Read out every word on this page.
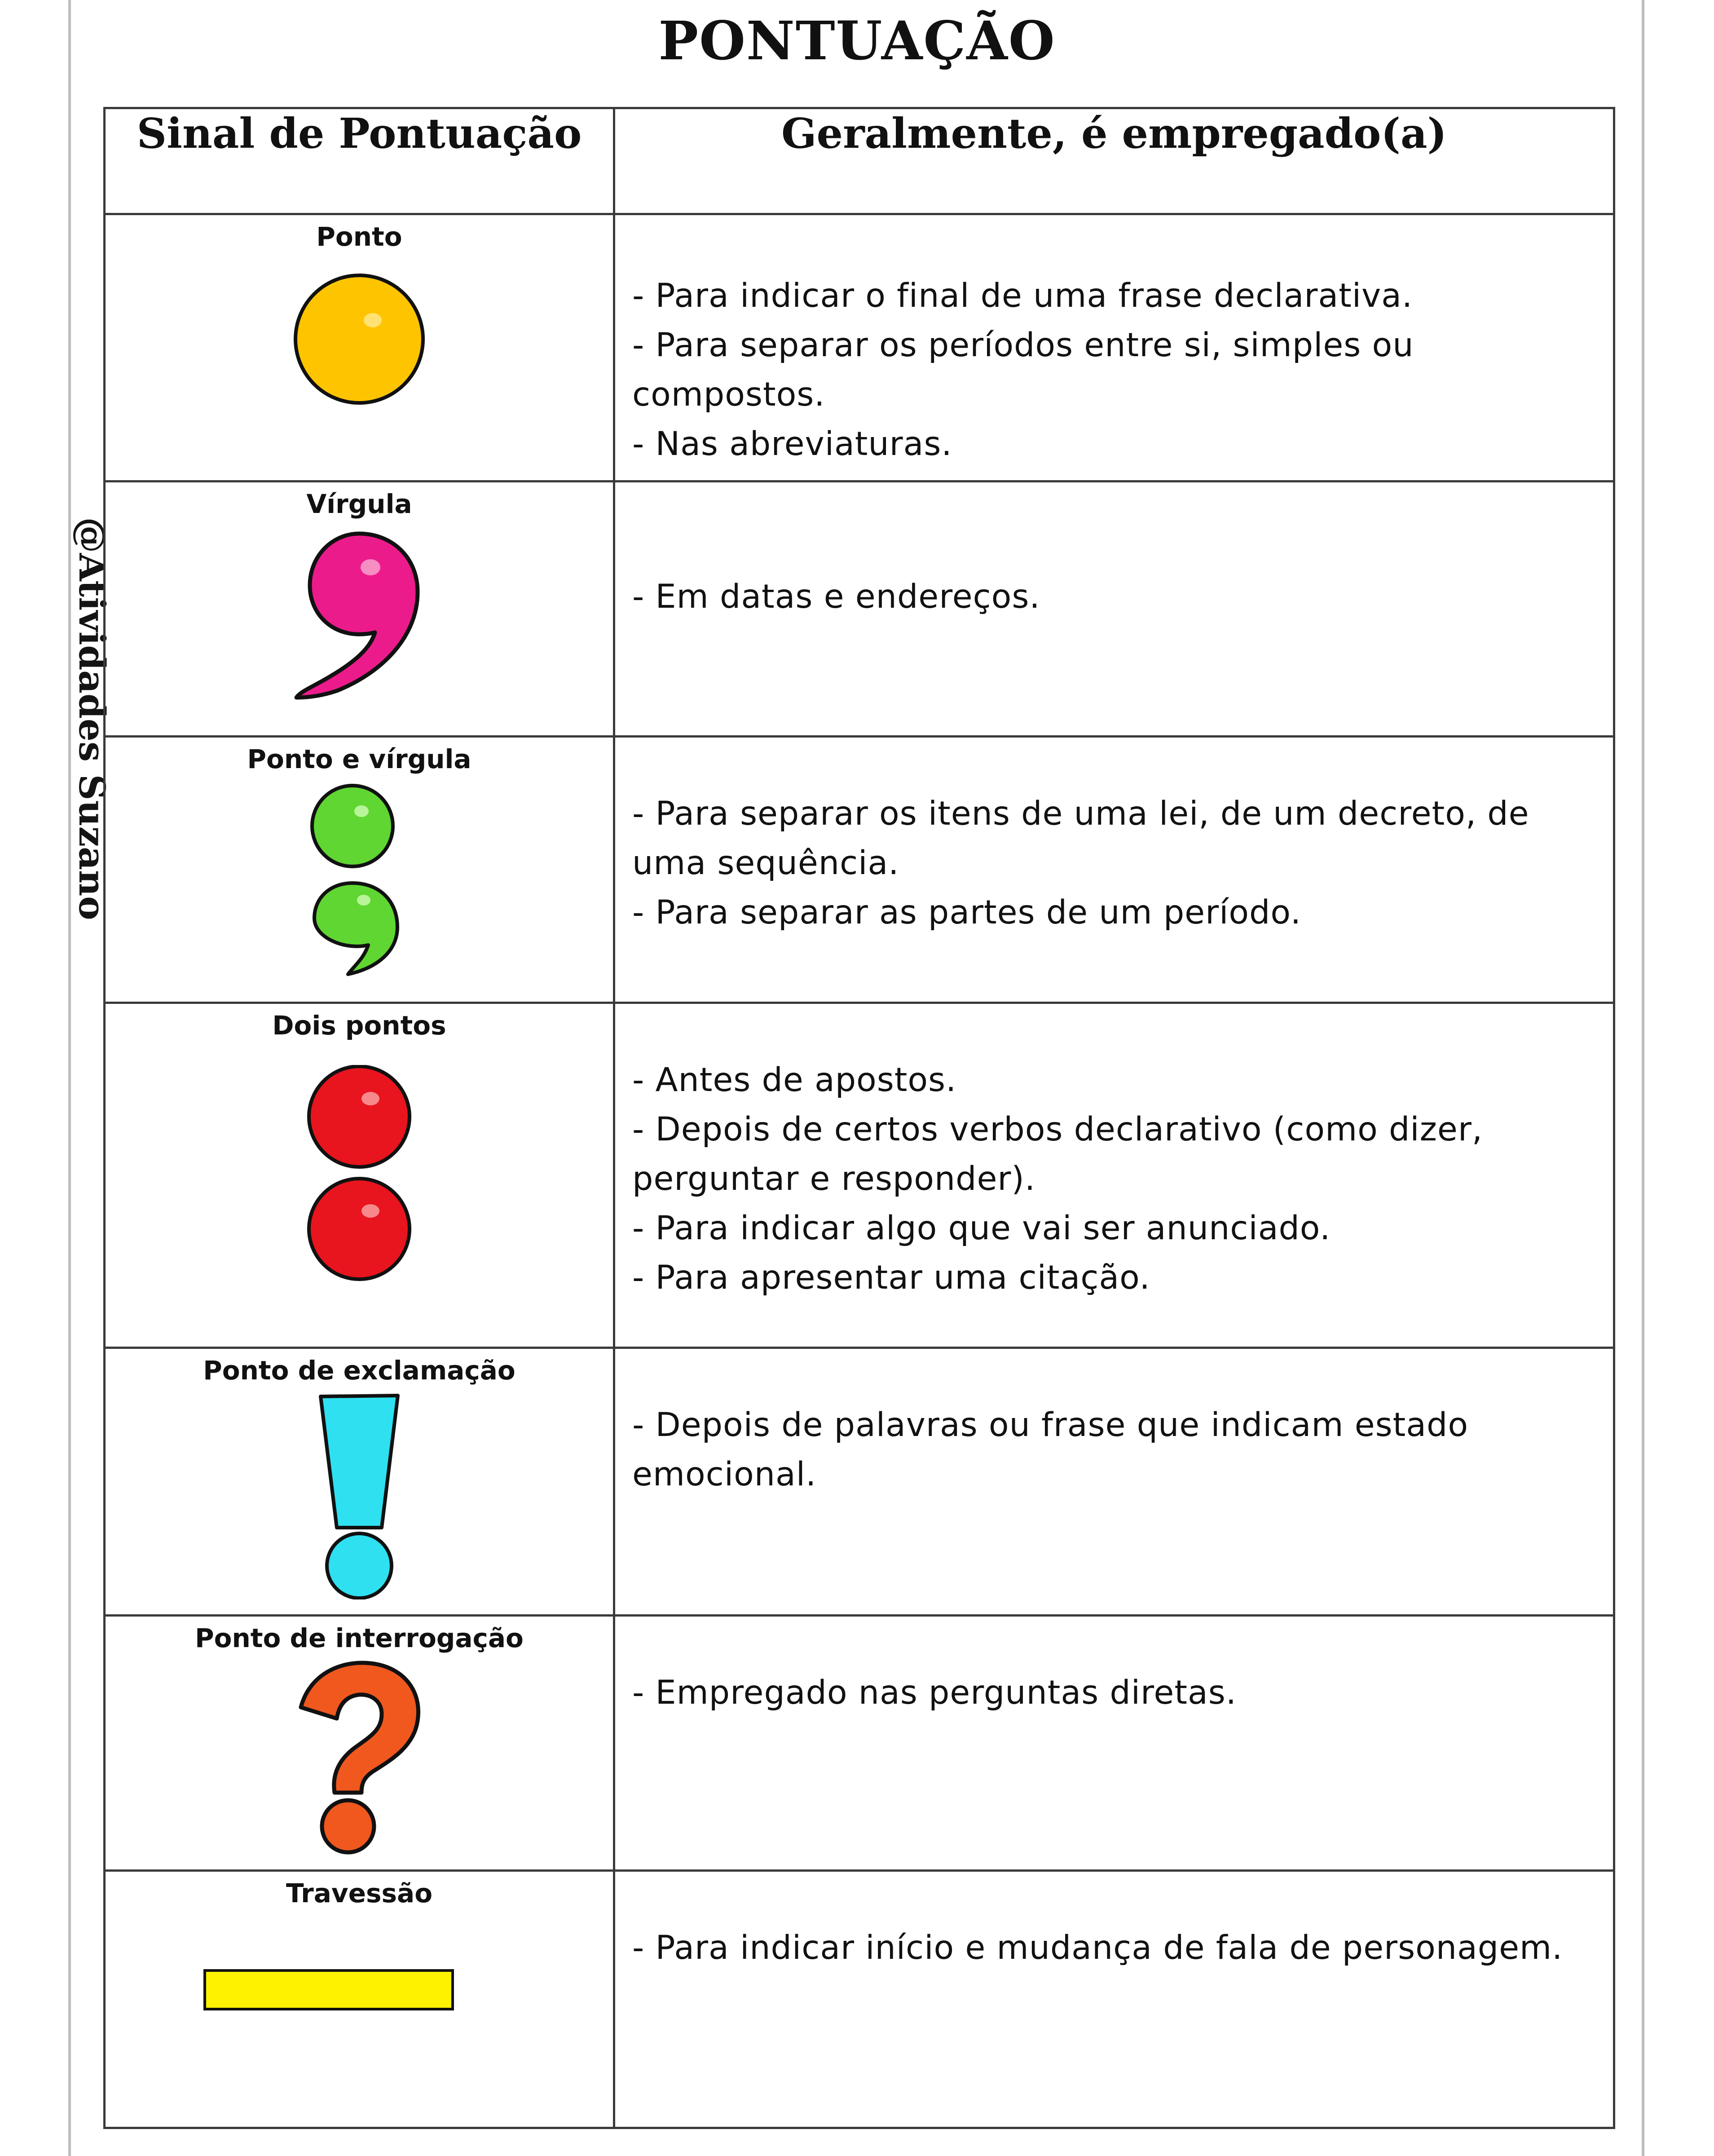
PONTUAÇÃO
@Atividades Suzano
Sinal de Pontuação	Geralmente, é empregado(a)

Ponto	- Para indicar o final de uma frase declarativa.
- Para separar os períodos entre si, simples ou compostos.
- Nas abreviaturas.

Vírgula	- Em datas e endereços.

Ponto e vírgula	- Para separar os itens de uma lei, de um decreto, de uma sequência.
- Para separar as partes de um período.

Dois pontos	- Antes de apostos.
- Depois de certos verbos declarativo (como dizer, perguntar e responder).
- Para indicar algo que vai ser anunciado.
- Para apresentar uma citação.

Ponto de exclamação	- Depois de palavras ou frase que indicam estado emocional.

Ponto de interrogação	- Empregado nas perguntas diretas.

Travessão	- Para indicar início e mudança de fala de personagem.
